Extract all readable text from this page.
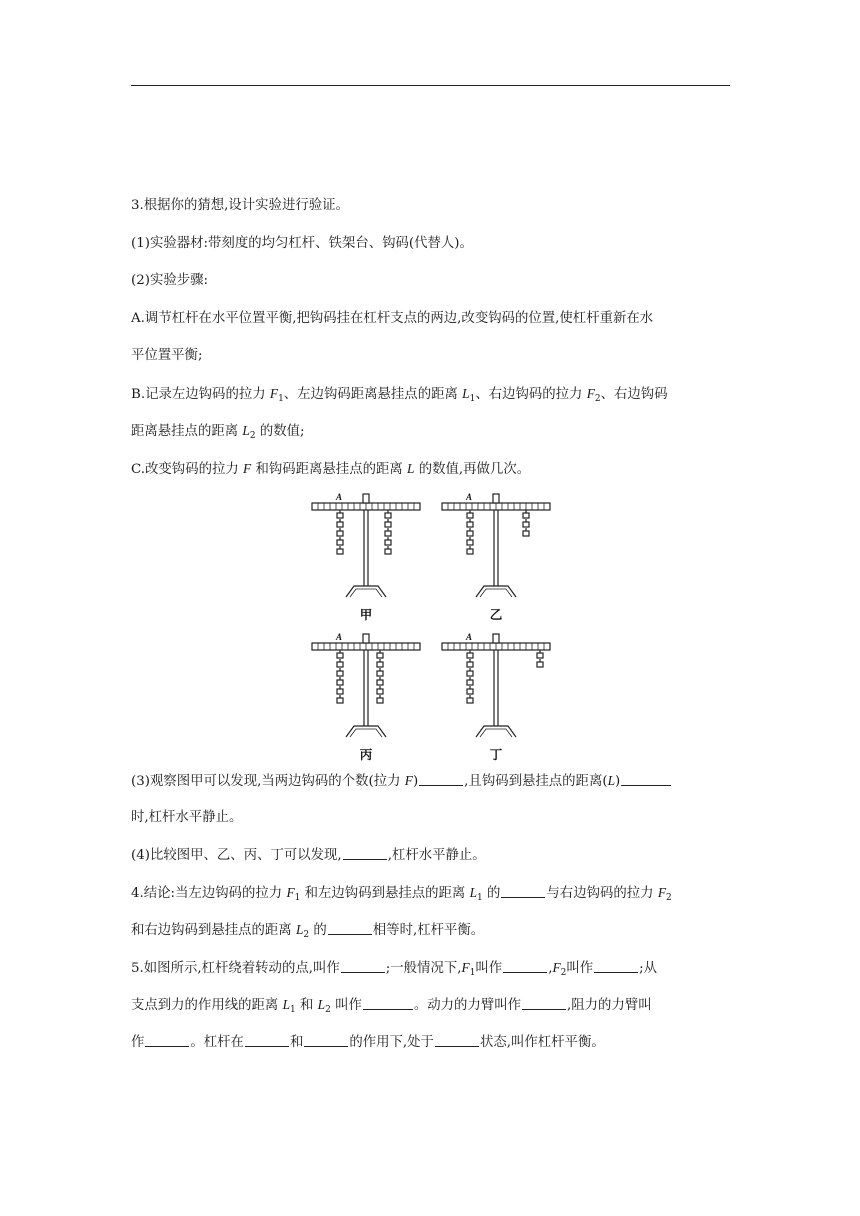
3.根据你的猜想,设计实验进行验证。
(1)实验器材:带刻度的均匀杠杆、铁架台、钩码(代替人)。
(2)实验步骤:
A.调节杠杆在水平位置平衡,把钩码挂在杠杆支点的两边,改变钩码的位置,使杠杆重新在水
平位置平衡;
B.记录左边钩码的拉力 $F_1$、左边钩码距离悬挂点的距离 $L_1$、右边钩码的拉力 $F_2$、右边钩码
距离悬挂点的距离 $L_2$ 的数值;
C.改变钩码的拉力 F 和钩码距离悬挂点的距离 L 的数值,再做几次。
A
甲
A
乙
A
丙
A
丁
(3)观察图甲可以发现,当两边钩码的个数(拉力 F)	,且钩码到悬挂点的距离(L)
时,杠杆水平静止。
(4)比较图甲、乙、丙、丁可以发现,	,杠杆水平静止。
4.结论:当左边钩码的拉力 $F_1$ 和左边钩码到悬挂点的距离 $L_1$ 的	与右边钩码的拉力 $F_2$
和右边钩码到悬挂点的距离 $L_2$ 的	相等时,杠杆平衡。
5.如图所示,杠杆绕着转动的点,叫作	;一般情况下$,F_1$叫作	$,F_2$叫作	;从
支点到力的作用线的距离 $L_1$ 和 $L_2$ 叫作	。动力的力臂叫作	,阻力的力臂叫
作	。杠杆在	和	的作用下,处于	状态,叫作杠杆平衡。
